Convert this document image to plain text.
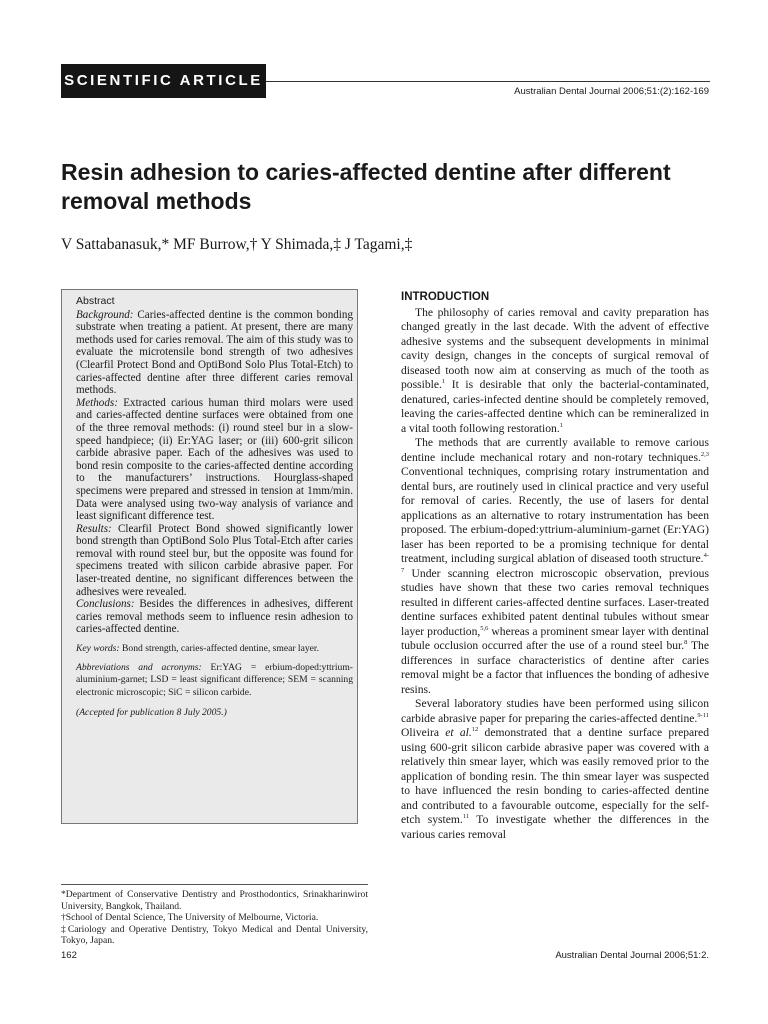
SCIENTIFIC ARTICLE
Australian Dental Journal 2006;51:(2):162-169
Resin adhesion to caries-affected dentine after different removal methods
V Sattabanasuk,* MF Burrow,† Y Shimada,‡ J Tagami,‡

Abstract

Background: Caries-affected dentine is the common bonding substrate when treating a patient. At present, there are many methods used for caries removal. The aim of this study was to evaluate the microtensile bond strength of two adhesives (Clearfil Protect Bond and OptiBond Solo Plus Total-Etch) to caries-affected dentine after three different caries removal methods.

Methods: Extracted carious human third molars were used and caries-affected dentine surfaces were obtained from one of the three removal methods: (i) round steel bur in a slow-speed handpiece; (ii) Er:YAG laser; or (iii) 600-grit silicon carbide abrasive paper. Each of the adhesives was used to bond resin composite to the caries-affected dentine according to the manufacturers’ instructions. Hourglass-shaped specimens were prepared and stressed in tension at 1mm/min. Data were analysed using two-way analysis of variance and least significant difference test.

Results: Clearfil Protect Bond showed significantly lower bond strength than OptiBond Solo Plus Total-Etch after caries removal with round steel bur, but the opposite was found for specimens treated with silicon carbide abrasive paper. For laser-treated dentine, no significant differences between the adhesives were revealed.

Conclusions: Besides the differences in adhesives, different caries removal methods seem to influence resin adhesion to caries-affected dentine.

Key words: Bond strength, caries-affected dentine, smear layer.

Abbreviations and acronyms: Er:YAG = erbium-doped:yttrium-aluminium-garnet; LSD = least significant difference; SEM = scanning electronic microscopic; SiC = silicon carbide.

(Accepted for publication 8 July 2005.)

*Department of Conservative Dentistry and Prosthodontics, Srinakharinwirot University, Bangkok, Thailand.

†School of Dental Science, The University of Melbourne, Victoria.

‡Cariology and Operative Dentistry, Tokyo Medical and Dental University, Tokyo, Japan.

INTRODUCTION

The philosophy of caries removal and cavity preparation has changed greatly in the last decade. With the advent of effective adhesive systems and the subsequent developments in minimal cavity design, changes in the concepts of surgical removal of diseased tooth now aim at conserving as much of the tooth as possible.$^1$ It is desirable that only the bacterial-contaminated, denatured, caries-infected dentine should be completely removed, leaving the caries-affected dentine which can be remineralized in a vital tooth following restoration.$^1$

The methods that are currently available to remove carious dentine include mechanical rotary and non-rotary techniques.$^{2,3}$ Conventional techniques, comprising rotary instrumentation and dental burs, are routinely used in clinical practice and very useful for removal of caries. Recently, the use of lasers for dental applications as an alternative to rotary instrumentation has been proposed. The erbium-doped:yttrium-aluminium-garnet (Er:YAG) laser has been reported to be a promising technique for dental treatment, including surgical ablation of diseased tooth structure.$^{4-7}$ Under scanning electron microscopic observation, previous studies have shown that these two caries removal techniques resulted in different caries-affected dentine surfaces. Laser-treated dentine surfaces exhibited patent dentinal tubules without smear layer production,$^{5,6}$ whereas a prominent smear layer with dentinal tubule occlusion occurred after the use of a round steel bur.$^8$ The differences in surface characteristics of dentine after caries removal might be a factor that influences the bonding of adhesive resins.

Several laboratory studies have been performed using silicon carbide abrasive paper for preparing the caries-affected dentine.$^{9-11}$ Oliveira et al.$^{12}$ demonstrated that a dentine surface prepared using 600-grit silicon carbide abrasive paper was covered with a relatively thin smear layer, which was easily removed prior to the application of bonding resin. The thin smear layer was suspected to have influenced the resin bonding to caries-affected dentine and contributed to a favourable outcome, especially for the self-etch system.$^{11}$ To investigate whether the differences in the various caries removal

162	Australian Dental Journal 2006;51:2.
